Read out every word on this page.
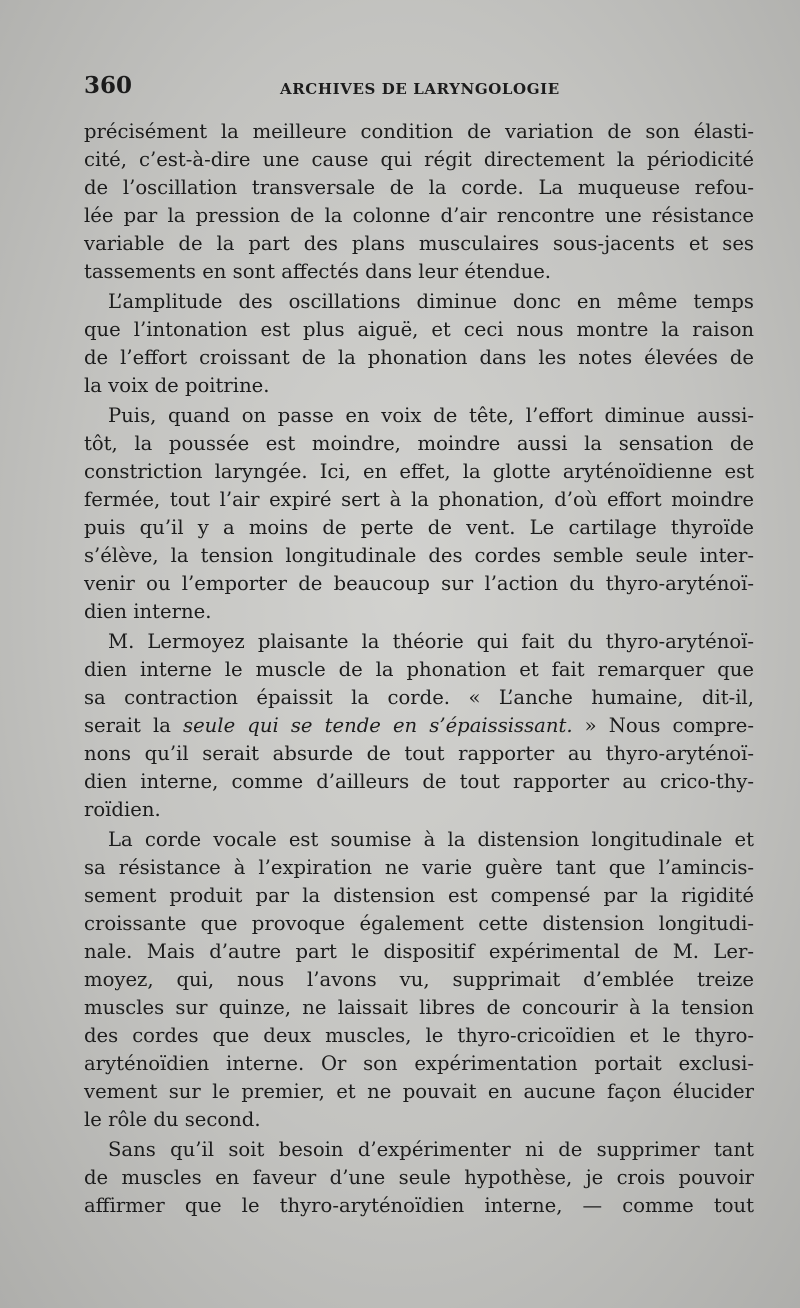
360	ARCHIVES DE LARYNGOLOGIE
précisément la meilleure condition de variation de son élasti-
cité, c’est-à-dire une cause qui régit directement la périodicité
de l’oscillation transversale de la corde. La muqueuse refou-
lée par la pression de la colonne d’air rencontre une résistance
variable de la part des plans musculaires sous-jacents et ses
tassements en sont affectés dans leur étendue.
L’amplitude des oscillations diminue donc en même temps
que l’intonation est plus aiguë, et ceci nous montre la raison
de l’effort croissant de la phonation dans les notes élevées de
la voix de poitrine.
Puis, quand on passe en voix de tête, l’effort diminue aussi-
tôt, la poussée est moindre, moindre aussi la sensation de
constriction laryngée. Ici, en effet, la glotte aryténoïdienne est
fermée, tout l’air expiré sert à la phonation, d’où effort moindre
puis qu’il y a moins de perte de vent. Le cartilage thyroïde
s’élève, la tension longitudinale des cordes semble seule inter-
venir ou l’emporter de beaucoup sur l’action du thyro-aryténoï-
dien interne.
M. Lermoyez plaisante la théorie qui fait du thyro-aryténoï-
dien interne le muscle de la phonation et fait remarquer que
sa contraction épaissit la corde. « L’anche humaine, dit-il,
serait la seule qui se tende en s’épaississant. » Nous compre-
nons qu’il serait absurde de tout rapporter au thyro-aryténoï-
dien interne, comme d’ailleurs de tout rapporter au crico-thy-
roïdien.
La corde vocale est soumise à la distension longitudinale et
sa résistance à l’expiration ne varie guère tant que l’amincis-
sement produit par la distension est compensé par la rigidité
croissante que provoque également cette distension longitudi-
nale. Mais d’autre part le dispositif expérimental de M. Ler-
moyez, qui, nous l’avons vu, supprimait d’emblée treize
muscles sur quinze, ne laissait libres de concourir à la tension
des cordes que deux muscles, le thyro-cricoïdien et le thyro-
aryténoïdien interne. Or son expérimentation portait exclusi-
vement sur le premier, et ne pouvait en aucune façon élucider
le rôle du second.
Sans qu’il soit besoin d’expérimenter ni de supprimer tant
de muscles en faveur d’une seule hypothèse, je crois pouvoir
affirmer que le thyro-aryténoïdien interne, — comme tout
